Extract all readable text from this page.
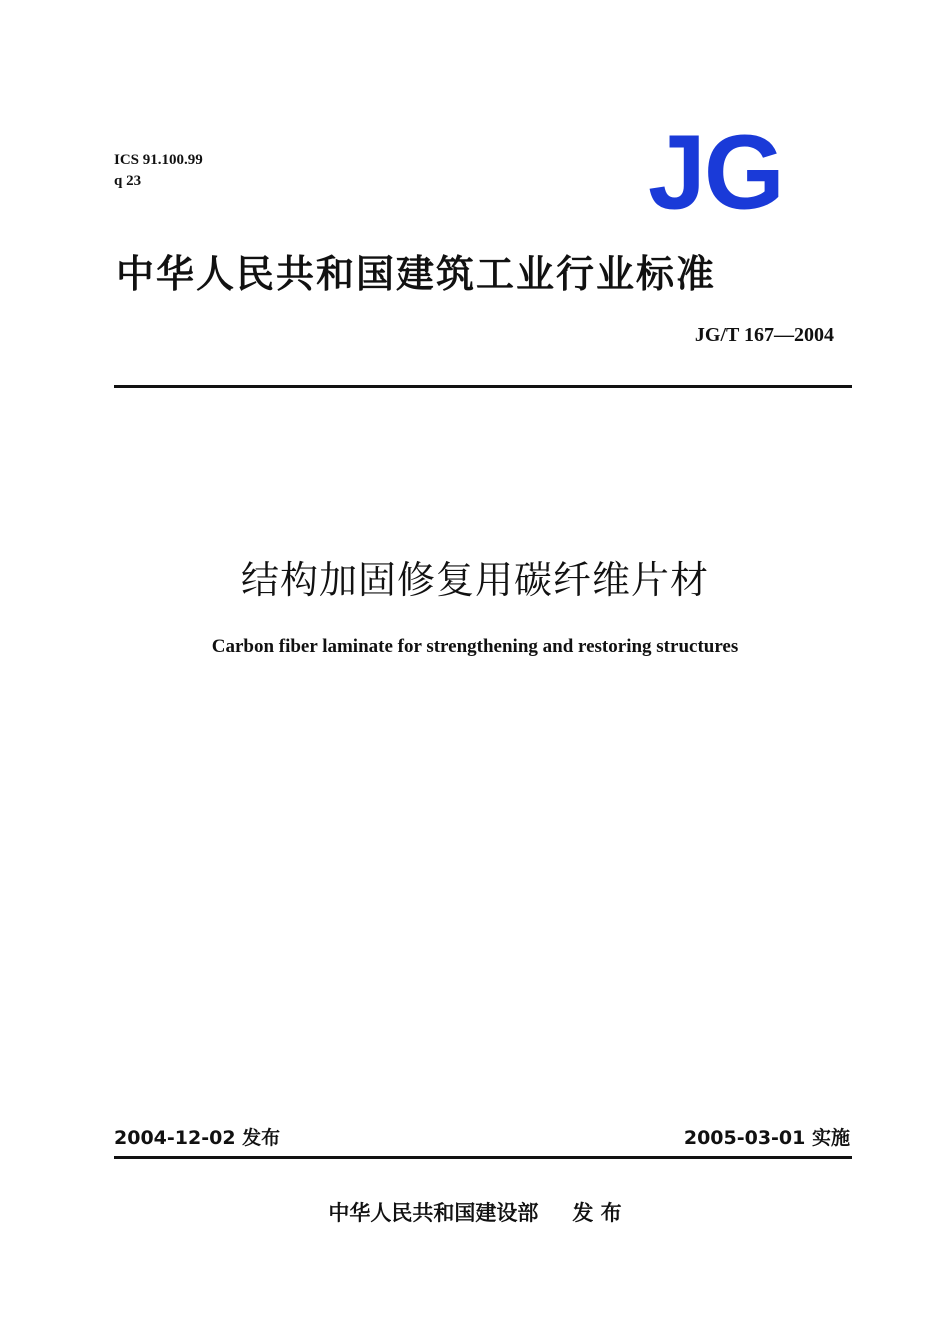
ICS 91.100.99
q 23	JG
中华人民共和国建筑工业行业标准
JG/T 167—2004
结构加固修复用碳纤维片材
Carbon fiber laminate for strengthening and restoring structures
2004-12-02 发布	2005-03-01 实施
中华人民共和国建设部 发 布
